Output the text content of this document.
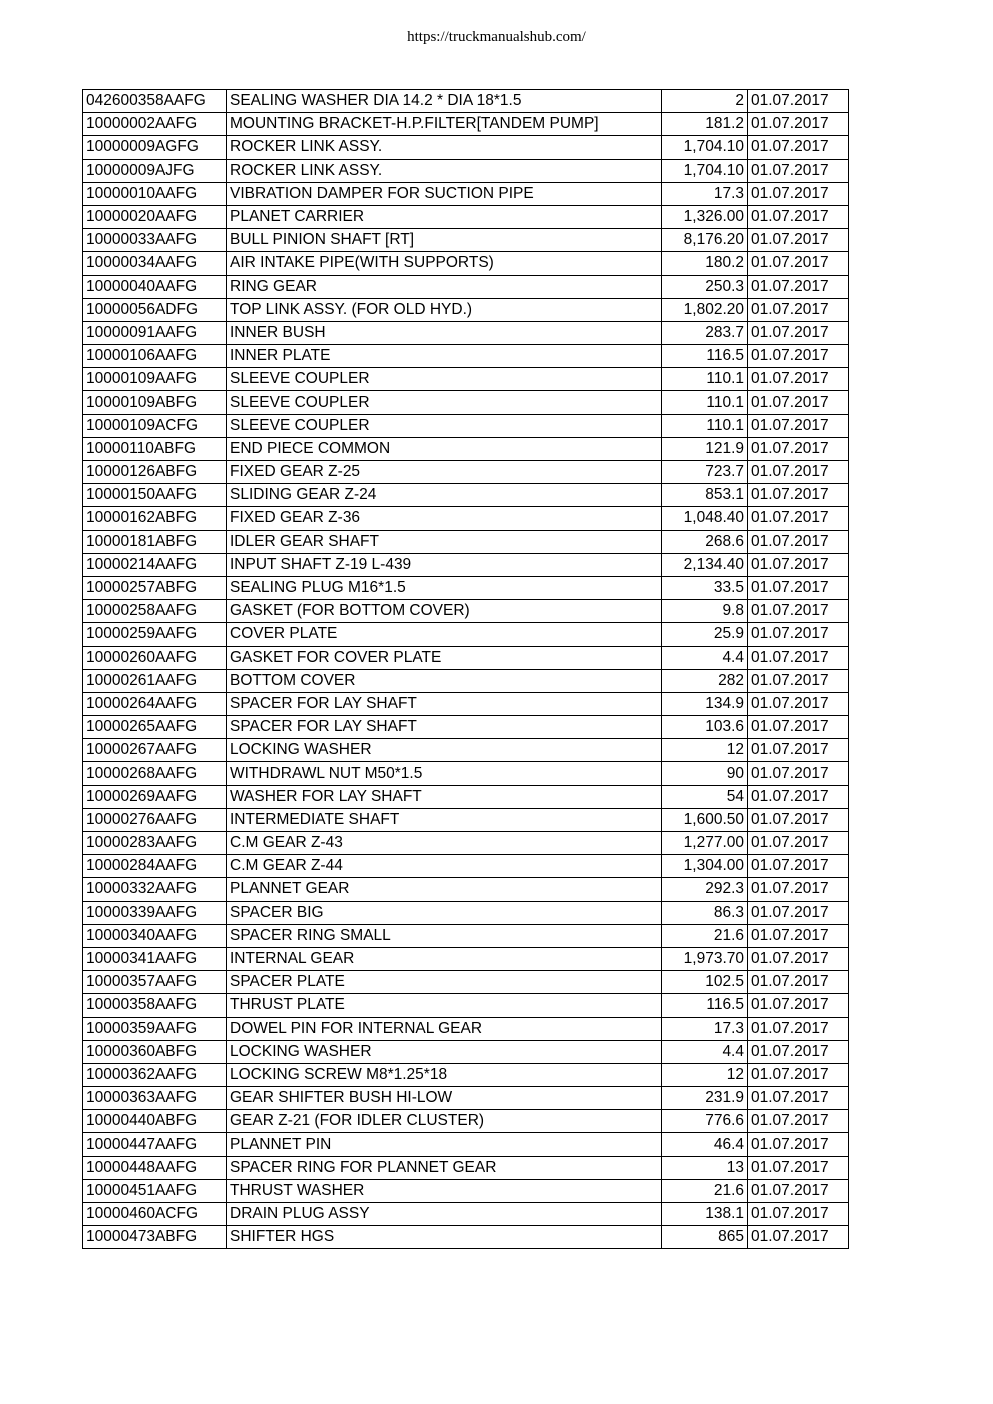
https://truckmanualshub.com/
042600358AAFG	SEALING WASHER DIA 14.2 * DIA 18*1.5	2	01.07.2017
10000002AAFG	MOUNTING BRACKET-H.P.FILTER[TANDEM PUMP]	181.2	01.07.2017
10000009AGFG	ROCKER LINK ASSY.	1,704.10	01.07.2017
10000009AJFG	ROCKER LINK ASSY.	1,704.10	01.07.2017
10000010AAFG	VIBRATION DAMPER FOR SUCTION PIPE	17.3	01.07.2017
10000020AAFG	PLANET CARRIER	1,326.00	01.07.2017
10000033AAFG	BULL PINION SHAFT [RT]	8,176.20	01.07.2017
10000034AAFG	AIR INTAKE PIPE(WITH SUPPORTS)	180.2	01.07.2017
10000040AAFG	RING GEAR	250.3	01.07.2017
10000056ADFG	TOP LINK ASSY. (FOR OLD HYD.)	1,802.20	01.07.2017
10000091AAFG	INNER BUSH	283.7	01.07.2017
10000106AAFG	INNER PLATE	116.5	01.07.2017
10000109AAFG	SLEEVE COUPLER	110.1	01.07.2017
10000109ABFG	SLEEVE COUPLER	110.1	01.07.2017
10000109ACFG	SLEEVE COUPLER	110.1	01.07.2017
10000110ABFG	END PIECE COMMON	121.9	01.07.2017
10000126ABFG	FIXED GEAR Z-25	723.7	01.07.2017
10000150AAFG	SLIDING GEAR Z-24	853.1	01.07.2017
10000162ABFG	FIXED GEAR Z-36	1,048.40	01.07.2017
10000181ABFG	IDLER GEAR SHAFT	268.6	01.07.2017
10000214AAFG	INPUT SHAFT Z-19 L-439	2,134.40	01.07.2017
10000257ABFG	SEALING PLUG M16*1.5	33.5	01.07.2017
10000258AAFG	GASKET (FOR BOTTOM COVER)	9.8	01.07.2017
10000259AAFG	COVER PLATE	25.9	01.07.2017
10000260AAFG	GASKET FOR COVER PLATE	4.4	01.07.2017
10000261AAFG	BOTTOM COVER	282	01.07.2017
10000264AAFG	SPACER FOR LAY SHAFT	134.9	01.07.2017
10000265AAFG	SPACER FOR LAY SHAFT	103.6	01.07.2017
10000267AAFG	LOCKING WASHER	12	01.07.2017
10000268AAFG	WITHDRAWL NUT M50*1.5	90	01.07.2017
10000269AAFG	WASHER FOR LAY SHAFT	54	01.07.2017
10000276AAFG	INTERMEDIATE SHAFT	1,600.50	01.07.2017
10000283AAFG	C.M GEAR Z-43	1,277.00	01.07.2017
10000284AAFG	C.M GEAR Z-44	1,304.00	01.07.2017
10000332AAFG	PLANNET GEAR	292.3	01.07.2017
10000339AAFG	SPACER BIG	86.3	01.07.2017
10000340AAFG	SPACER RING SMALL	21.6	01.07.2017
10000341AAFG	INTERNAL GEAR	1,973.70	01.07.2017
10000357AAFG	SPACER PLATE	102.5	01.07.2017
10000358AAFG	THRUST PLATE	116.5	01.07.2017
10000359AAFG	DOWEL PIN FOR INTERNAL GEAR	17.3	01.07.2017
10000360ABFG	LOCKING WASHER	4.4	01.07.2017
10000362AAFG	LOCKING SCREW M8*1.25*18	12	01.07.2017
10000363AAFG	GEAR SHIFTER BUSH HI-LOW	231.9	01.07.2017
10000440ABFG	GEAR Z-21 (FOR IDLER CLUSTER)	776.6	01.07.2017
10000447AAFG	PLANNET PIN	46.4	01.07.2017
10000448AAFG	SPACER RING FOR PLANNET GEAR	13	01.07.2017
10000451AAFG	THRUST WASHER	21.6	01.07.2017
10000460ACFG	DRAIN PLUG ASSY	138.1	01.07.2017
10000473ABFG	SHIFTER HGS	865	01.07.2017
